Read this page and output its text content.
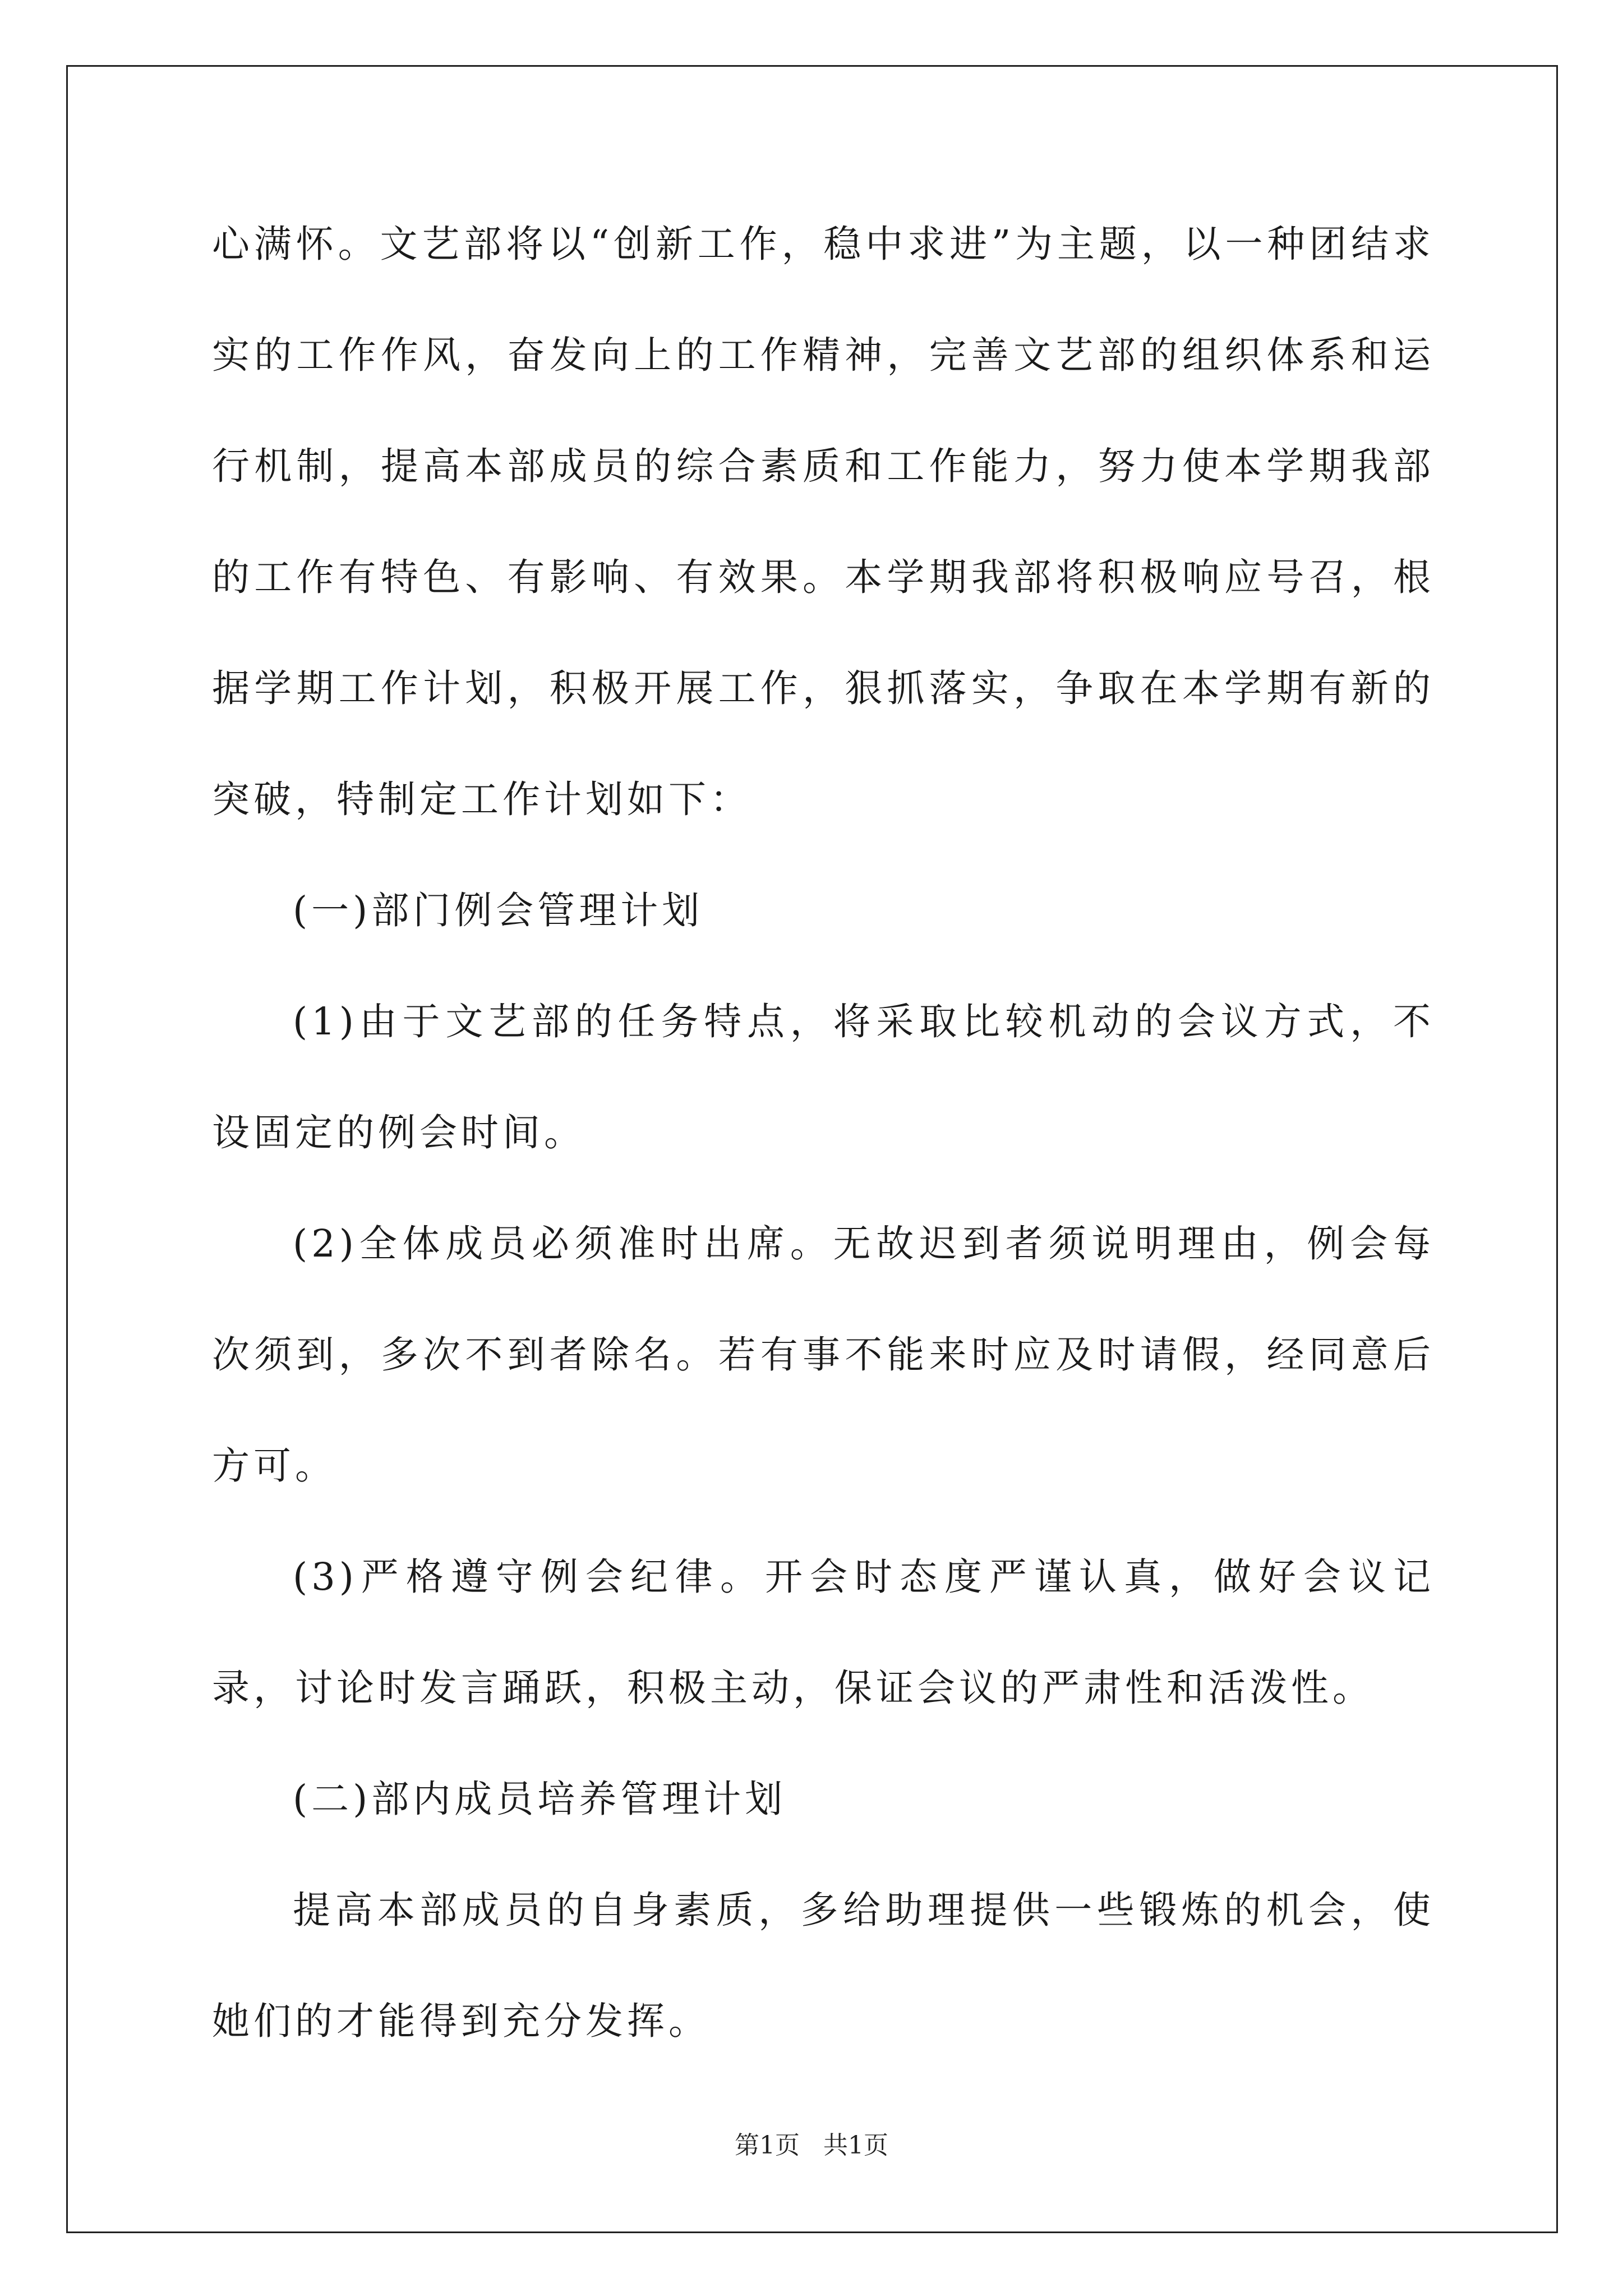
心满怀。文艺部将以“创新工作，稳中求进”为主题，以一种团结求实的工作作风，奋发向上的工作精神，完善文艺部的组织体系和运行机制，提高本部成员的综合素质和工作能力，努力使本学期我部的工作有特色、有影响、有效果。本学期我部将积极响应号召，根据学期工作计划，积极开展工作，狠抓落实，争取在本学期有新的突破，特制定工作计划如下：

(一)部门例会管理计划

(1)由于文艺部的任务特点，将采取比较机动的会议方式，不设固定的例会时间。

(2)全体成员必须准时出席。无故迟到者须说明理由，例会每次须到，多次不到者除名。若有事不能来时应及时请假，经同意后方可。

(3)严格遵守例会纪律。开会时态度严谨认真，做好会议记录，讨论时发言踊跃，积极主动，保证会议的严肃性和活泼性。

(二)部内成员培养管理计划

提高本部成员的自身素质，多给助理提供一些锻炼的机会，使她们的才能得到充分发挥。

第1页   共1页
